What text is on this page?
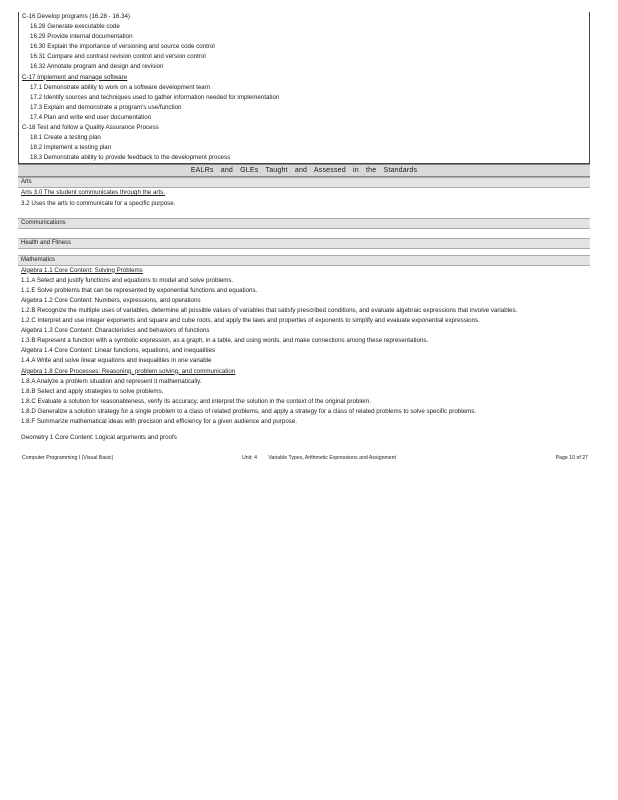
C-16 Develop programs (16.28 - 16.34)
16.28 Generate executable code
16.29 Provide internal documentation
16.30 Explain the importance of versioning and source code control
16.31 Compare and contrast revision control and version control
16.32 Annotate program and design and revision
C-17 Implement and manage software
17.1 Demonstrate ability to work on a software development team
17.2 Identify sources and techniques used to gather information needed for implementation
17.3 Explain and demonstrate a program's use/function
17.4 Plan and write end user documentation
C-18 Test and follow a Quality Assurance Process
18.1 Create a testing plan
18.2 Implement a testing plan
18.3 Demonstrate ability to provide feedback to the development process
EALRs and GLEs Taught and Assessed in the Standards
Arts
Arts 3.0 The student communicates through the arts.
3.2 Uses the arts to communicate for a specific purpose.
Communications
Health and Fitness
Mathematics
Algebra 1.1 Core Content: Solving Problems
1.1.A Select and justify functions and equations to model and solve problems.
1.1.E Solve problems that can be represented by exponential functions and equations.
Algebra 1.2 Core Content: Numbers, expressions, and operations
1.2.B Recognize the multiple uses of variables, determine all possible values of variables that satisfy prescribed conditions, and evaluate algebraic expressions that involve variables.
1.2.C Interpret and use integer exponents and square and cube roots, and apply the laws and properties of exponents to simplify and evaluate exponential expressions.
Algebra 1.3 Core Content: Characteristics and behaviors of functions
1.3.B Represent a function with a symbolic expression, as a graph, in a table, and using words, and make connections among these representations.
Algebra 1.4 Core Content: Linear functions, equations, and inequalities
1.4.A Write and solve linear equations and inequalities in one variable
Algebra 1.8 Core Processes: Reasoning, problem solving, and communication
1.8.A Analyze a problem situation and represent it mathematically.
1.8.B Select and apply strategies to solve problems.
1.8.C Evaluate a solution for reasonableness, verify its accuracy, and interpret the solution in the context of the original problem.
1.8.D Generalize a solution strategy for a single problem to a class of related problems, and apply a strategy for a class of related problems to solve specific problems.
1.8.F Summarize mathematical ideas with precision and efficiency for a given audience and purpose.
Geometry 1 Core Content: Logical arguments and proofs
Computer Programming I (Visual Basic)	Unit: 4 Variable Types, Arithmetic Expressions and Assignment	Page 10 of 27
